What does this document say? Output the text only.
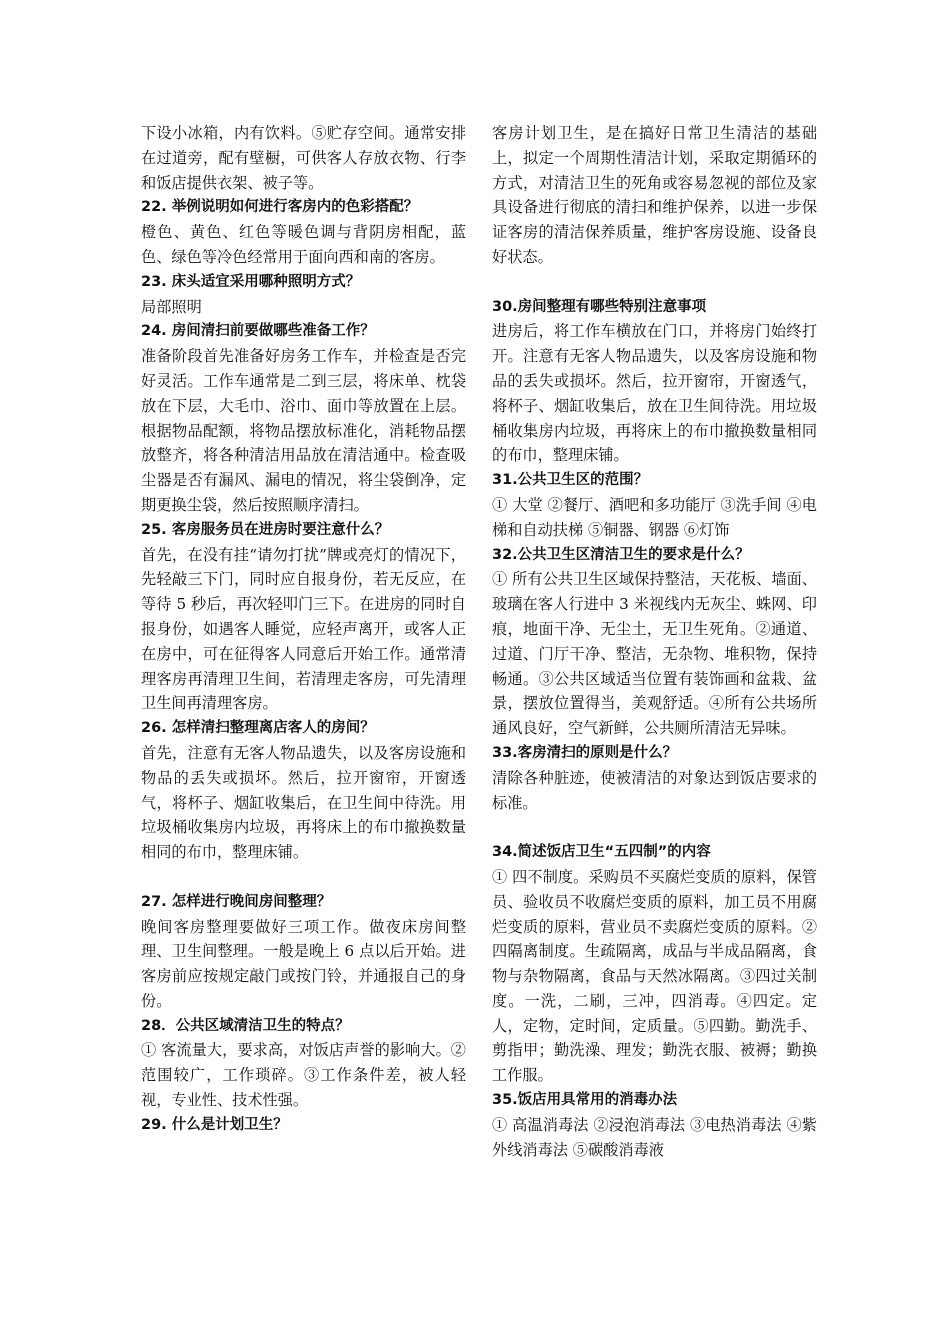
下设小冰箱，内有饮料。⑤贮存空间。通常安排在过道旁，配有壁橱，可供客人存放衣物、行李和饭店提供衣架、被子等。

22. 举例说明如何进行客房内的色彩搭配？

橙色、黄色、红色等暖色调与背阴房相配，蓝色、绿色等冷色经常用于面向西和南的客房。

23. 床头适宜采用哪种照明方式？

局部照明

24. 房间清扫前要做哪些准备工作？

准备阶段首先准备好房务工作车，并检查是否完好灵活。工作车通常是二到三层，将床单、枕袋放在下层，大毛巾、浴巾、面巾等放置在上层。根据物品配额，将物品摆放标准化，消耗物品摆放整齐，将各种清洁用品放在清洁通中。检查吸尘器是否有漏风、漏电的情况，将尘袋倒净，定期更换尘袋，然后按照顺序清扫。

25. 客房服务员在进房时要注意什么？

首先，在没有挂“请勿打扰”牌或亮灯的情况下，先轻敲三下门，同时应自报身份，若无反应，在等待 5 秒后，再次轻叩门三下。在进房的同时自报身份，如遇客人睡觉，应轻声离开，或客人正在房中，可在征得客人同意后开始工作。通常清理客房再清理卫生间，若清理走客房，可先清理卫生间再清理客房。

26. 怎样清扫整理离店客人的房间？

首先，注意有无客人物品遗失，以及客房设施和物品的丢失或损坏。然后，拉开窗帘，开窗透气，将杯子、烟缸收集后，在卫生间中待洗。用垃圾桶收集房内垃圾，再将床上的布巾撤换数量相同的布巾，整理床铺。

27. 怎样进行晚间房间整理？

晚间客房整理要做好三项工作。做夜床房间整理、卫生间整理。一般是晚上 6 点以后开始。进客房前应按规定敲门或按门铃，并通报自己的身份。

28．公共区域清洁卫生的特点？

① 客流量大，要求高，对饭店声誉的影响大。②范围较广，工作琐碎。③工作条件差，被人轻视，专业性、技术性强。

29. 什么是计划卫生？

客房计划卫生，是在搞好日常卫生清洁的基础上，拟定一个周期性清洁计划，采取定期循环的方式，对清洁卫生的死角或容易忽视的部位及家具设备进行彻底的清扫和维护保养，以进一步保证客房的清洁保养质量，维护客房设施、设备良好状态。

30.房间整理有哪些特别注意事项

进房后，将工作车横放在门口，并将房门始终打开。注意有无客人物品遗失，以及客房设施和物品的丢失或损坏。然后，拉开窗帘，开窗透气，将杯子、烟缸收集后，放在卫生间待洗。用垃圾桶收集房内垃圾，再将床上的布巾撤换数量相同的布巾，整理床铺。

31.公共卫生区的范围？

① 大堂 ②餐厅、酒吧和多功能厅 ③洗手间 ④电梯和自动扶梯 ⑤铜器、钢器 ⑥灯饰

32.公共卫生区清洁卫生的要求是什么？

① 所有公共卫生区域保持整洁，天花板、墙面、玻璃在客人行进中 3 米视线内无灰尘、蛛网、印痕，地面干净、无尘土，无卫生死角。②通道、过道、门厅干净、整洁，无杂物、堆积物，保持畅通。③公共区域适当位置有装饰画和盆栽、盆景，摆放位置得当，美观舒适。④所有公共场所通风良好，空气新鲜，公共厕所清洁无异味。

33.客房清扫的原则是什么？

清除各种脏迹，使被清洁的对象达到饭店要求的标准。

34.简述饭店卫生“五四制”的内容

① 四不制度。采购员不买腐烂变质的原料，保管员、验收员不收腐烂变质的原料，加工员不用腐烂变质的原料，营业员不卖腐烂变质的原料。②四隔离制度。生疏隔离，成品与半成品隔离，食物与杂物隔离，食品与天然冰隔离。③四过关制度。一洗，二刷，三冲，四消毒。④四定。定人，定物，定时间，定质量。⑤四勤。勤洗手、剪指甲；勤洗澡、理发；勤洗衣服、被褥；勤换工作服。

35.饭店用具常用的消毒办法

① 高温消毒法 ②浸泡消毒法 ③电热消毒法 ④紫外线消毒法 ⑤碳酸消毒液
